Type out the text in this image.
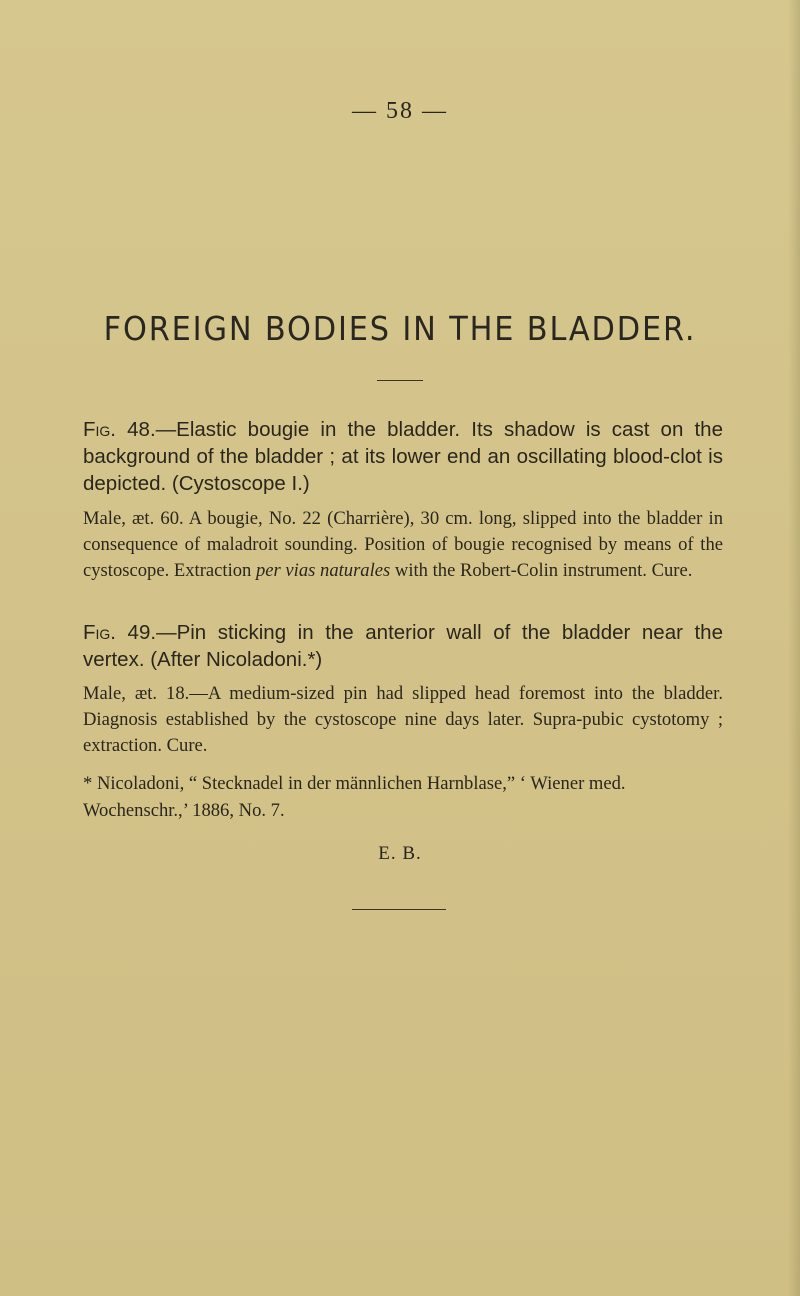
— 58 —
FOREIGN BODIES IN THE BLADDER.

Fig. 48.—Elastic bougie in the bladder. Its shadow is cast on the background of the bladder ; at its lower end an oscillating blood-clot is depicted. (Cystoscope I.)

Male, æt. 60. A bougie, No. 22 (Charrière), 30 cm. long, slipped into the bladder in consequence of maladroit sounding. Position of bougie recognised by means of the cystoscope. Extraction per vias naturales with the Robert-Colin instrument. Cure.

Fig. 49.—Pin sticking in the anterior wall of the bladder near the vertex. (After Nicoladoni.*)

Male, æt. 18.—A medium-sized pin had slipped head foremost into the bladder. Diagnosis established by the cystoscope nine days later. Supra-pubic cystotomy ; extraction. Cure.

* Nicoladoni, “ Stecknadel in der männlichen Harnblase,” ‘ Wiener med. Wochenschr.,’ 1886, No. 7.

E. B.
